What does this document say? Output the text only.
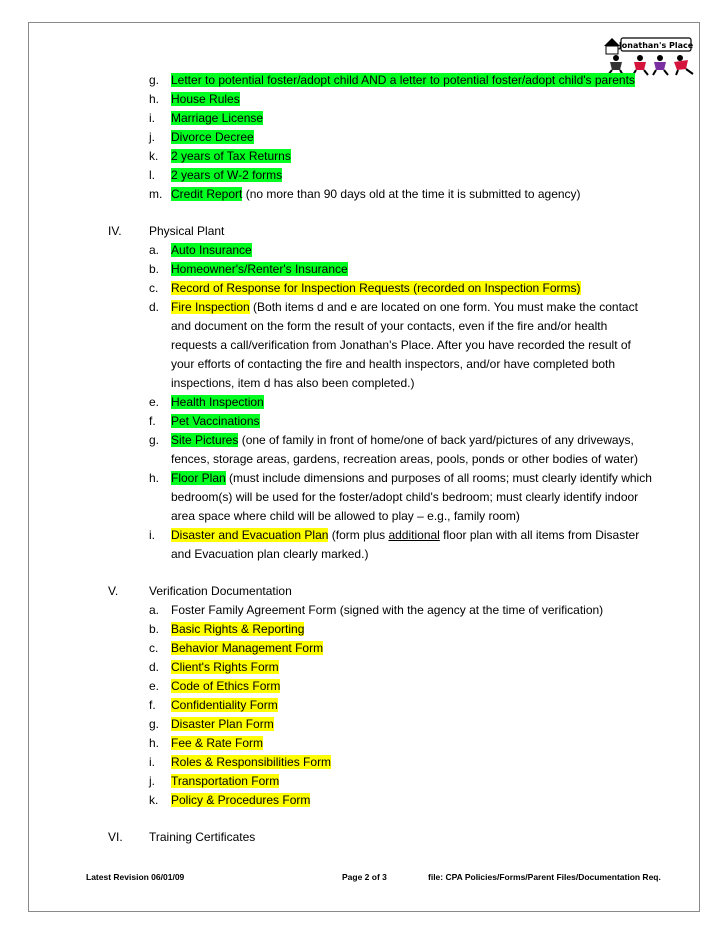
Jonathan's Place
g. Letter to potential foster/adopt child AND a letter to potential foster/adopt child's parents
h. House Rules
i. Marriage License
j. Divorce Decree
k. 2 years of Tax Returns
l. 2 years of W-2 forms
m. Credit Report (no more than 90 days old at the time it is submitted to agency)
IV. Physical Plant
a. Auto Insurance
b. Homeowner's/Renter's Insurance
c. Record of Response for Inspection Requests (recorded on Inspection Forms)
d. Fire Inspection (Both items d and e are located on one form. You must make the contact
and document on the form the result of your contacts, even if the fire and/or health
requests a call/verification from Jonathan's Place. After you have recorded the result of
your efforts of contacting the fire and health inspectors, and/or have completed both
inspections, item d has also been completed.)
e. Health Inspection
f. Pet Vaccinations
g. Site Pictures (one of family in front of home/one of back yard/pictures of any driveways,
fences, storage areas, gardens, recreation areas, pools, ponds or other bodies of water)
h. Floor Plan (must include dimensions and purposes of all rooms; must clearly identify which
bedroom(s) will be used for the foster/adopt child's bedroom; must clearly identify indoor
area space where child will be allowed to play – e.g., family room)
i. Disaster and Evacuation Plan (form plus additional floor plan with all items from Disaster
and Evacuation plan clearly marked.)
V.	Verification Documentation
a. Foster Family Agreement Form (signed with the agency at the time of verification)
b. Basic Rights & Reporting
c. Behavior Management Form
d. Client's Rights Form
e. Code of Ethics Form
f. Confidentiality Form
g. Disaster Plan Form
h. Fee & Rate Form
i. Roles & Responsibilities Form
j. Transportation Form
k. Policy & Procedures Form
VI. Training Certificates
Latest Revision 06/01/09	Page 2 of 3	file: CPA Policies/Forms/Parent Files/Documentation Req.
